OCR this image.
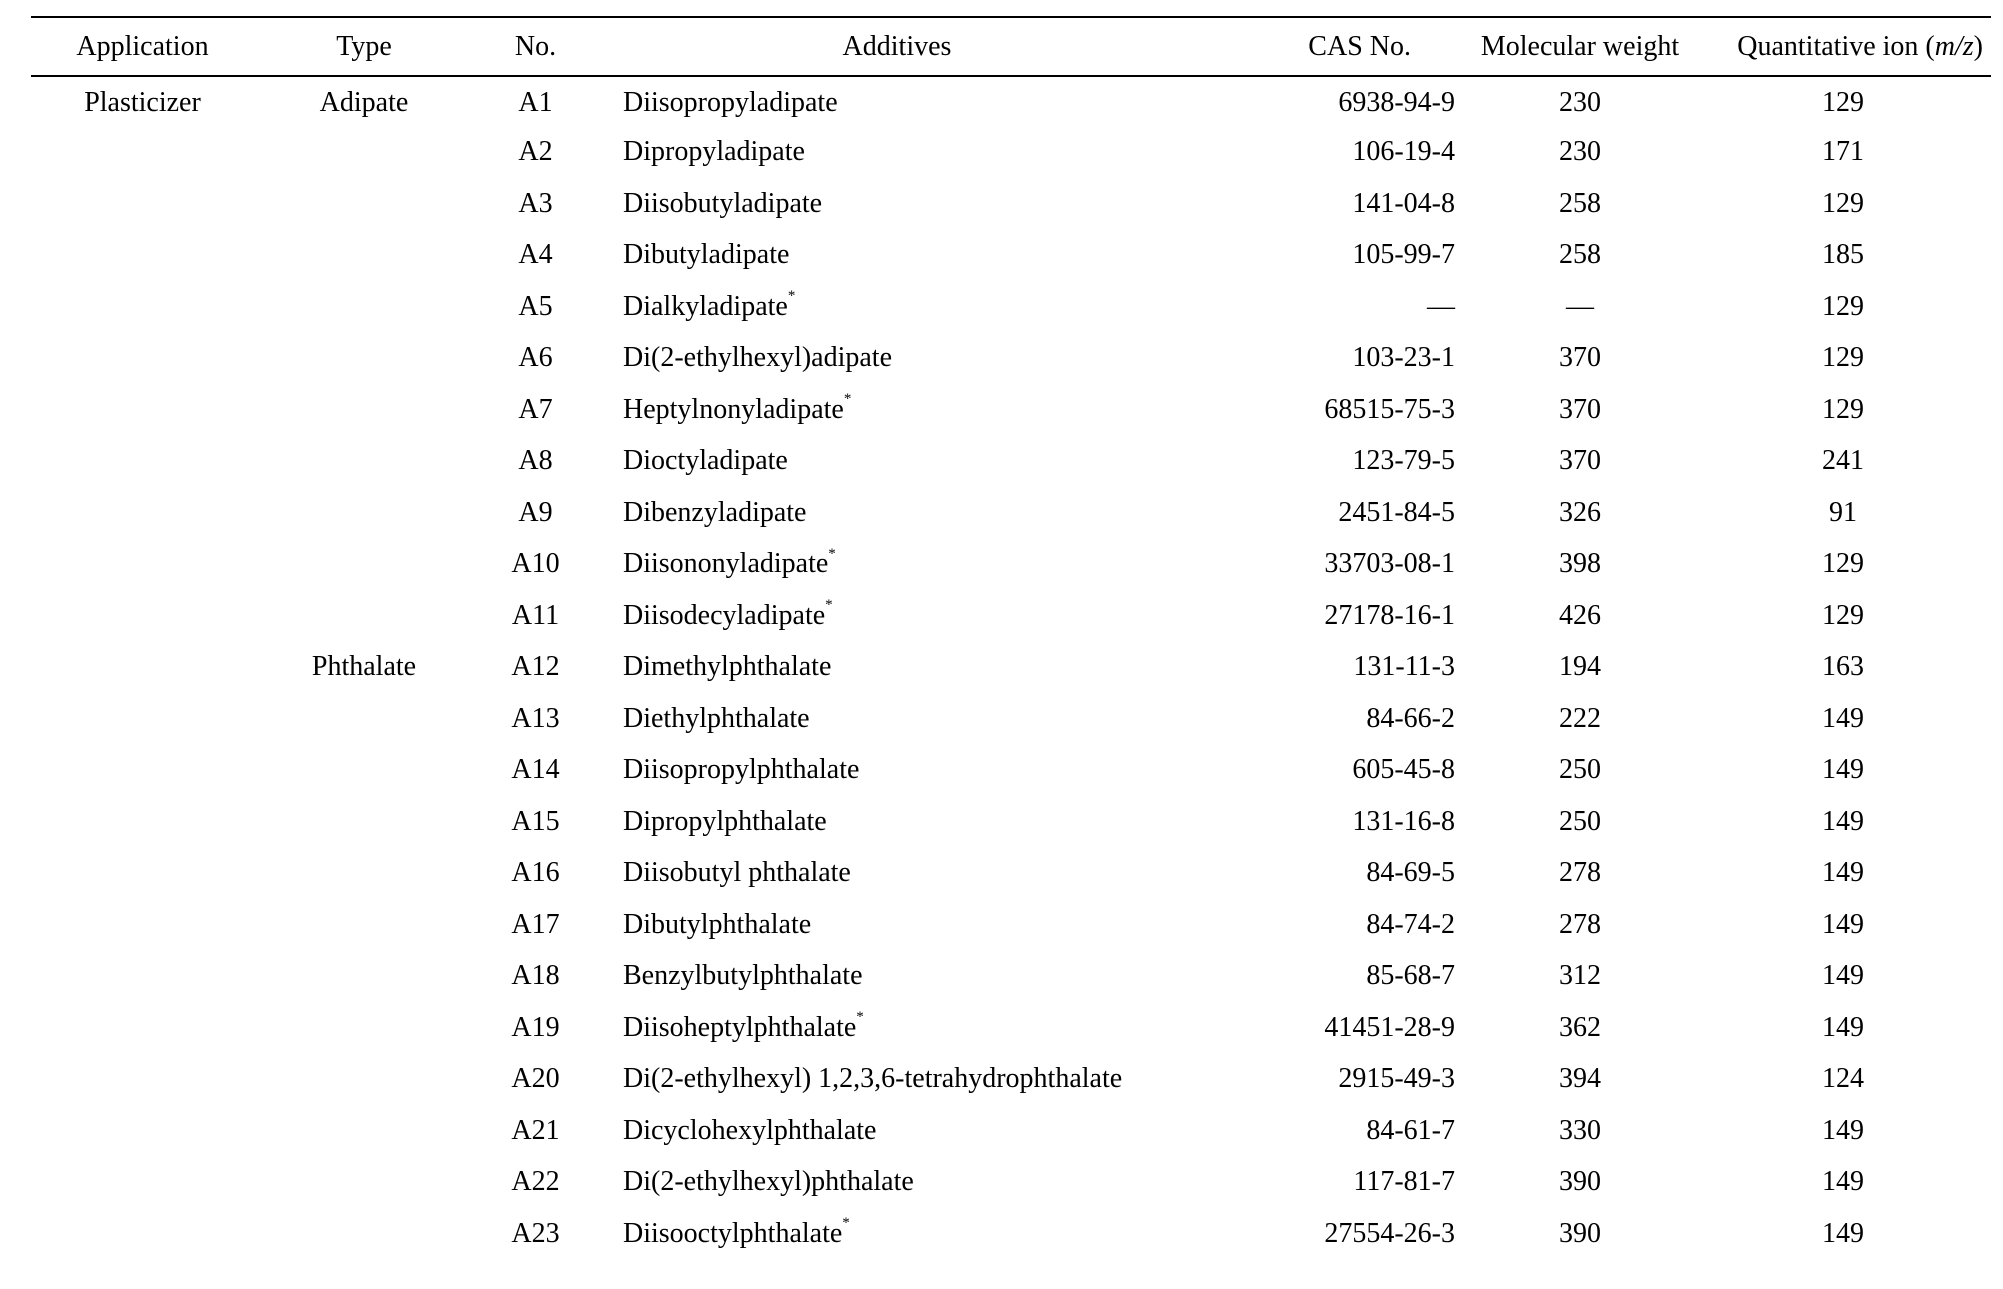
Application	Type	No.	Additives	CAS No.	Molecular weight	Quantitative ion (m/z)
Plasticizer	Adipate	A1	Diisopropyladipate	6938-94-9	230	129
		A2	Dipropyladipate	106-19-4	230	171
		A3	Diisobutyladipate	141-04-8	258	129
		A4	Dibutyladipate	105-99-7	258	185
		A5	Dialkyladipate*	—	—	129
		A6	Di(2-ethylhexyl)adipate	103-23-1	370	129
		A7	Heptylnonyladipate*	68515-75-3	370	129
		A8	Dioctyladipate	123-79-5	370	241
		A9	Dibenzyladipate	2451-84-5	326	91
		A10	Diisononyladipate*	33703-08-1	398	129
		A11	Diisodecyladipate*	27178-16-1	426	129
	Phthalate	A12	Dimethylphthalate	131-11-3	194	163
		A13	Diethylphthalate	84-66-2	222	149
		A14	Diisopropylphthalate	605-45-8	250	149
		A15	Dipropylphthalate	131-16-8	250	149
		A16	Diisobutyl phthalate	84-69-5	278	149
		A17	Dibutylphthalate	84-74-2	278	149
		A18	Benzylbutylphthalate	85-68-7	312	149
		A19	Diisoheptylphthalate*	41451-28-9	362	149
		A20	Di(2-ethylhexyl) 1,2,3,6-tetrahydrophthalate	2915-49-3	394	124
		A21	Dicyclohexylphthalate	84-61-7	330	149
		A22	Di(2-ethylhexyl)phthalate	117-81-7	390	149
		A23	Diisooctylphthalate*	27554-26-3	390	149
